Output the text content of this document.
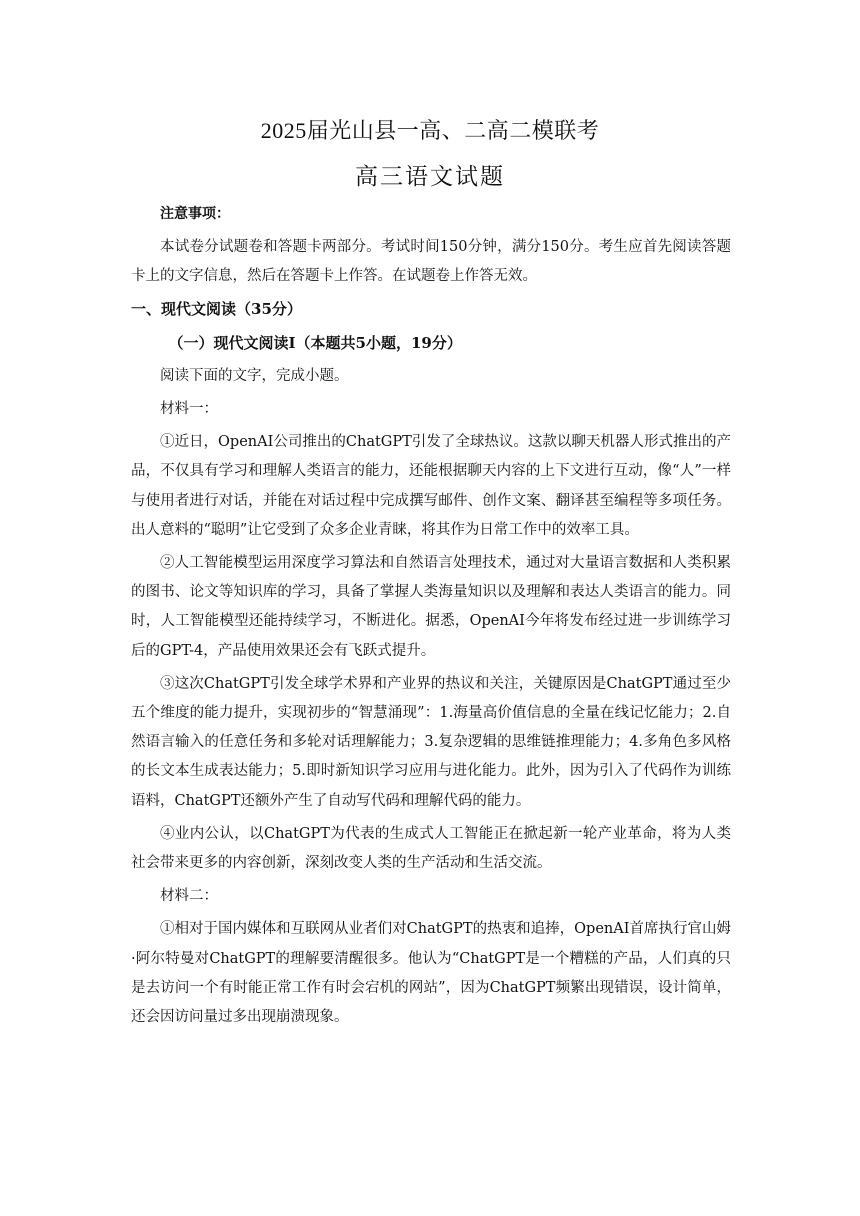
2025届光山县一高、二高二模联考
高三语文试题
注意事项：

本试卷分试题卷和答题卡两部分。考试时间150分钟，满分150分。考生应首先阅读答题卡上的文字信息，然后在答题卡上作答。在试题卷上作答无效。

一、现代文阅读（35分）

（一）现代文阅读Ⅰ（本题共5小题，19分）

阅读下面的文字，完成小题。

材料一：

①近日，OpenAI公司推出的ChatGPT引发了全球热议。这款以聊天机器人形式推出的产品，不仅具有学习和理解人类语言的能力，还能根据聊天内容的上下文进行互动，像“人”一样与使用者进行对话，并能在对话过程中完成撰写邮件、创作文案、翻译甚至编程等多项任务。出人意料的“聪明”让它受到了众多企业青睐，将其作为日常工作中的效率工具。

②人工智能模型运用深度学习算法和自然语言处理技术，通过对大量语言数据和人类积累的图书、论文等知识库的学习，具备了掌握人类海量知识以及理解和表达人类语言的能力。同时，人工智能模型还能持续学习，不断进化。据悉，OpenAI今年将发布经过进一步训练学习后的GPT-4，产品使用效果还会有飞跃式提升。

③这次ChatGPT引发全球学术界和产业界的热议和关注，关键原因是ChatGPT通过至少五个维度的能力提升，实现初步的“智慧涌现”：1.海量高价值信息的全量在线记忆能力；2.自然语言输入的任意任务和多轮对话理解能力；3.复杂逻辑的思维链推理能力；4.多角色多风格的长文本生成表达能力；5.即时新知识学习应用与进化能力。此外，因为引入了代码作为训练语料，ChatGPT还额外产生了自动写代码和理解代码的能力。

④业内公认，以ChatGPT为代表的生成式人工智能正在掀起新一轮产业革命，将为人类社会带来更多的内容创新，深刻改变人类的生产活动和生活交流。

材料二：

①相对于国内媒体和互联网从业者们对ChatGPT的热衷和追捧，OpenAI首席执行官山姆·阿尔特曼对ChatGPT的理解要清醒很多。他认为“ChatGPT是一个糟糕的产品，人们真的只是去访问一个有时能正常工作有时会宕机的网站”，因为ChatGPT频繁出现错误，设计简单，还会因访问量过多出现崩溃现象。
